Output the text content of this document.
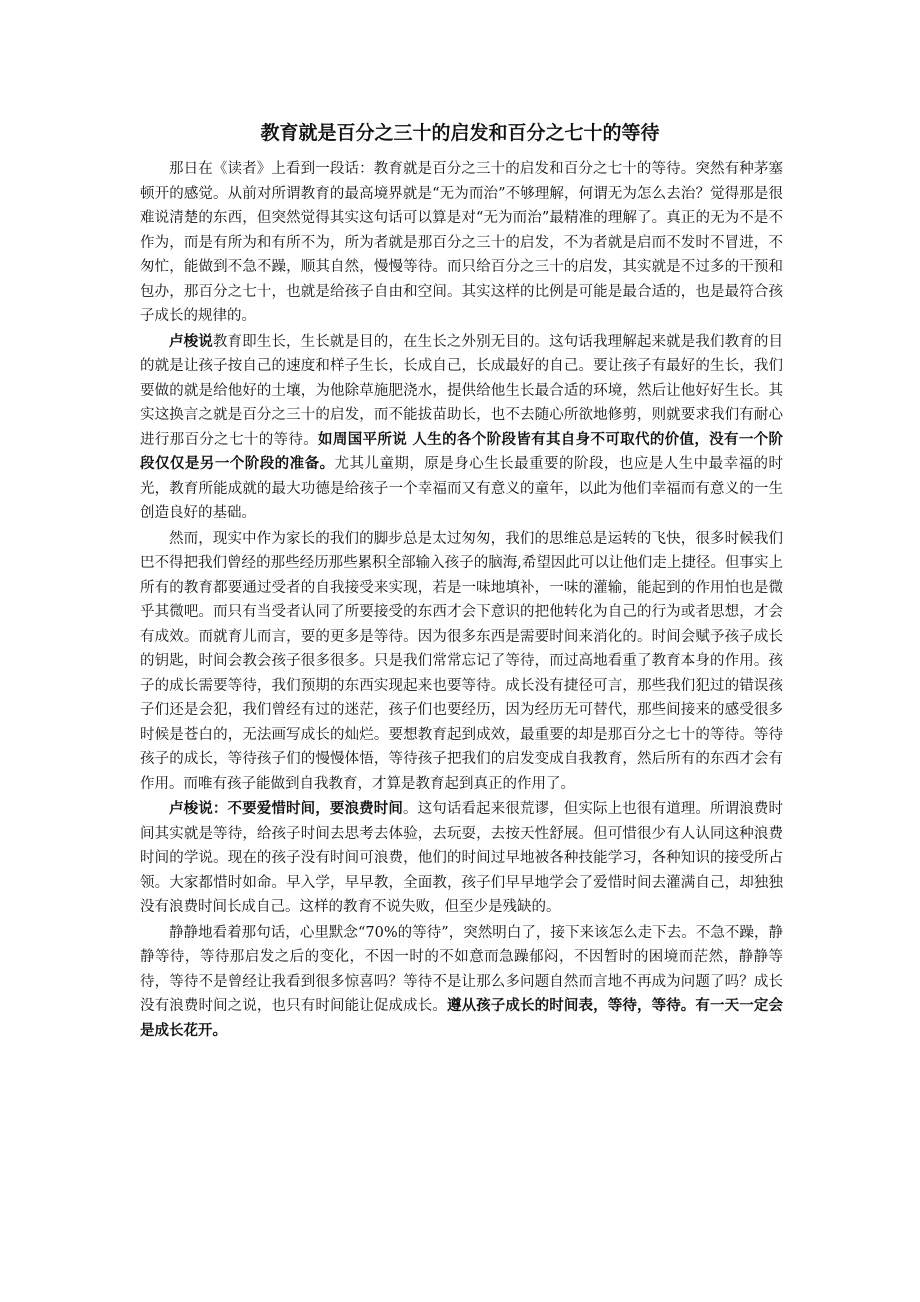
教育就是百分之三十的启发和百分之七十的等待

那日在《读者》上看到一段话：教育就是百分之三十的启发和百分之七十的等待。突然有种茅塞顿开的感觉。从前对所谓教育的最高境界就是“无为而治”不够理解，何谓无为怎么去治？觉得那是很难说清楚的东西，但突然觉得其实这句话可以算是对“无为而治”最精准的理解了。真正的无为不是不作为，而是有所为和有所不为，所为者就是那百分之三十的启发，不为者就是启而不发时不冒进，不匆忙，能做到不急不躁，顺其自然，慢慢等待。而只给百分之三十的启发，其实就是不过多的干预和包办，那百分之七十，也就是给孩子自由和空间。其实这样的比例是可能是最合适的，也是最符合孩子成长的规律的。

卢梭说教育即生长，生长就是目的，在生长之外别无目的。这句话我理解起来就是我们教育的目的就是让孩子按自己的速度和样子生长，长成自己，长成最好的自己。要让孩子有最好的生长，我们要做的就是给他好的土壤，为他除草施肥浇水，提供给他生长最合适的环境，然后让他好好生长。其实这换言之就是百分之三十的启发，而不能拔苗助长，也不去随心所欲地修剪，则就要求我们有耐心进行那百分之七十的等待。如周国平所说 人生的各个阶段皆有其自身不可取代的价值，没有一个阶段仅仅是另一个阶段的准备。尤其儿童期，原是身心生长最重要的阶段，也应是人生中最幸福的时光，教育所能成就的最大功德是给孩子一个幸福而又有意义的童年，以此为他们幸福而有意义的一生创造良好的基础。

然而，现实中作为家长的我们的脚步总是太过匆匆，我们的思维总是运转的飞快，很多时候我们巴不得把我们曾经的那些经历那些累积全部输入孩子的脑海,希望因此可以让他们走上捷径。但事实上所有的教育都要通过受者的自我接受来实现，若是一味地填补，一味的灌输，能起到的作用怕也是微乎其微吧。而只有当受者认同了所要接受的东西才会下意识的把他转化为自己的行为或者思想，才会有成效。而就育儿而言，要的更多是等待。因为很多东西是需要时间来消化的。时间会赋予孩子成长的钥匙，时间会教会孩子很多很多。只是我们常常忘记了等待，而过高地看重了教育本身的作用。孩子的成长需要等待，我们预期的东西实现起来也要等待。成长没有捷径可言，那些我们犯过的错误孩子们还是会犯，我们曾经有过的迷茫，孩子们也要经历，因为经历无可替代，那些间接来的感受很多时候是苍白的，无法画写成长的灿烂。要想教育起到成效，最重要的却是那百分之七十的等待。等待孩子的成长，等待孩子们的慢慢体悟，等待孩子把我们的启发变成自我教育，然后所有的东西才会有作用。而唯有孩子能做到自我教育，才算是教育起到真正的作用了。

卢梭说：不要爱惜时间，要浪费时间。这句话看起来很荒谬，但实际上也很有道理。所谓浪费时间其实就是等待，给孩子时间去思考去体验，去玩耍，去按天性舒展。但可惜很少有人认同这种浪费时间的学说。现在的孩子没有时间可浪费，他们的时间过早地被各种技能学习，各种知识的接受所占领。大家都惜时如命。早入学，早早教，全面教，孩子们早早地学会了爱惜时间去灌满自己，却独独没有浪费时间长成自己。这样的教育不说失败，但至少是残缺的。

静静地看着那句话，心里默念“70%的等待”，突然明白了，接下来该怎么走下去。不急不躁，静静等待，等待那启发之后的变化，不因一时的不如意而急躁郁闷，不因暂时的困境而茫然，静静等待，等待不是曾经让我看到很多惊喜吗？等待不是让那么多问题自然而言地不再成为问题了吗？成长没有浪费时间之说，也只有时间能让促成成长。遵从孩子成长的时间表，等待，等待。有一天一定会是成长花开。
